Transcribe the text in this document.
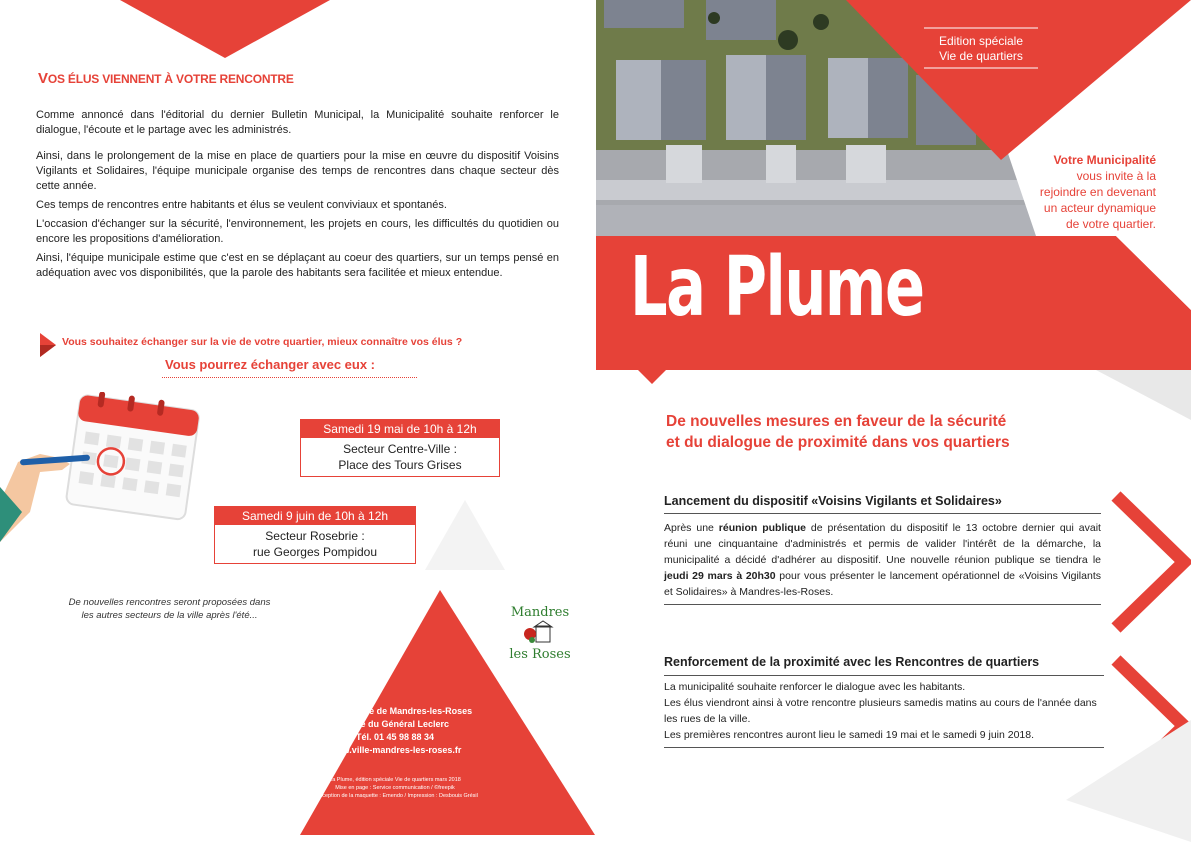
VOS ÉLUS VIENNENT À VOTRE RENCONTRE

Comme annoncé dans l'éditorial du dernier Bulletin Municipal, la Municipalité souhaite renforcer le dialogue, l'écoute et le partage avec les administrés.

Ainsi, dans le prolongement de la mise en place de quartiers pour la mise en œuvre du dispositif Voisins Vigilants et Solidaires, l'équipe municipale organise des temps de rencontres dans chaque secteur dès cette année.

Ces temps de rencontres entre habitants et élus se veulent conviviaux et spontanés.

L'occasion d'échanger sur la sécurité, l'environnement, les projets en cours, les difficultés du quotidien ou encore les propositions d'amélioration.

Ainsi, l'équipe municipale estime que c'est en se déplaçant au coeur des quartiers, sur un temps pensé en adéquation avec vos disponibilités, que la parole des habitants sera facilitée et mieux entendue.

Vous souhaitez échanger sur la vie de votre quartier, mieux connaître vos élus ?
Vous pourrez échanger avec eux :
Samedi 19 mai de 10h à 12h
Secteur Centre-Ville :
Place des Tours Grises
Samedi 9 juin de 10h à 12h
Secteur Rosebrie :
rue Georges Pompidou
De nouvelles rencontres seront proposées dans les autres secteurs de la ville après l'été...	Mandres
les Roses
Hôtel de Ville de Mandres-les-Roses
4 Rue du Général Leclerc
Tél. 01 45 98 88 34
www.ville-mandres-les-roses.fr
La Plume, édition spéciale Vie de quartiers mars 2018
Mise en page : Service communication / ©freepik
Conception de la maquette : Emendo / Impression : Desbouis Grésil
Edition spéciale
Vie de quartiers
Votre Municipalité
vous invite à la
rejoindre en devenant
un acteur dynamique
de votre quartier.
La Plume
De nouvelles mesures en faveur de la sécurité
et du dialogue de proximité dans vos quartiers
Lancement du dispositif «Voisins Vigilants et Solidaires»
Après une réunion publique de présentation du dispositif le 13 octobre dernier qui avait réuni une cinquantaine d'administrés et permis de valider l'intérêt de la démarche, la municipalité a décidé d'adhérer au dispositif. Une nouvelle réunion publique se tiendra le jeudi 29 mars à 20h30 pour vous présenter le lancement opérationnel de «Voisins Vigilants et Solidaires» à Mandres-les-Roses.
Renforcement de la proximité avec les Rencontres de quartiers
La municipalité souhaite renforcer le dialogue avec les habitants.
Les élus viendront ainsi à votre rencontre plusieurs samedis matins au cours de l'année dans les rues de la ville.
Les premières rencontres auront lieu le samedi 19 mai et le samedi 9 juin 2018.
